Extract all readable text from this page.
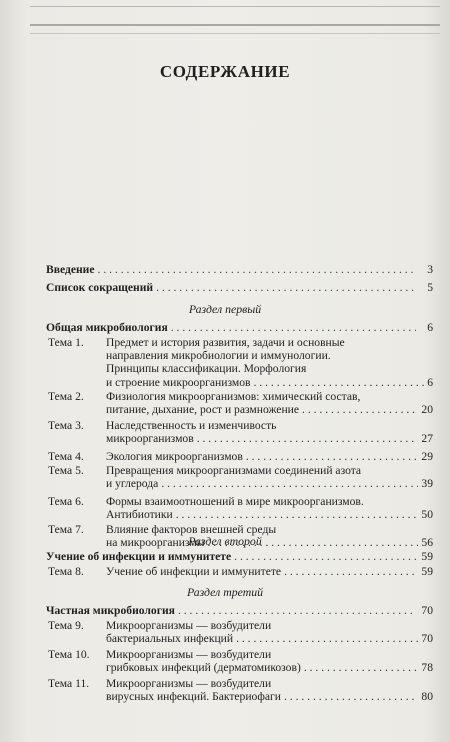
СОДЕРЖАНИЕ
Введение . . .	3
Список сокращений . . .	5
Раздел первый
Общая микробиология . . .	6
Тема 1. Предмет и история развития, задачи и основные
направления микробиологии и иммунологии.
Принципы классификации. Морфология
и строение микроорганизмов . . .	6
Тема 2. Физиология микроорганизмов: химический состав,
питание, дыхание, рост и размножение . . .	20
Тема 3. Наследственность и изменчивость
микроорганизмов . . .	27
Тема 4. Экология микроорганизмов . . .	29
Тема 5. Превращения микроорганизмами соединений азота
и углерода . . .	39
Тема 6. Формы взаимоотношений в мире микроорганизмов.
Антибиотики . . .	50
Тема 7. Влияние факторов внешней среды
на микроорганизмы . . .	56
Раздел второй
Учение об инфекции и иммунитете . . .	59
Тема 8. Учение об инфекции и иммунитете . . .	59
Раздел третий
Частная микробиология . . .	70
Тема 9. Микроорганизмы — возбудители
бактериальных инфекций . . .	70
Тема 10. Микроорганизмы — возбудители
грибковых инфекций (дерматомикозов) . . .	78
Тема 11. Микроорганизмы — возбудители
вирусных инфекций. Бактериофаги . . .	80
